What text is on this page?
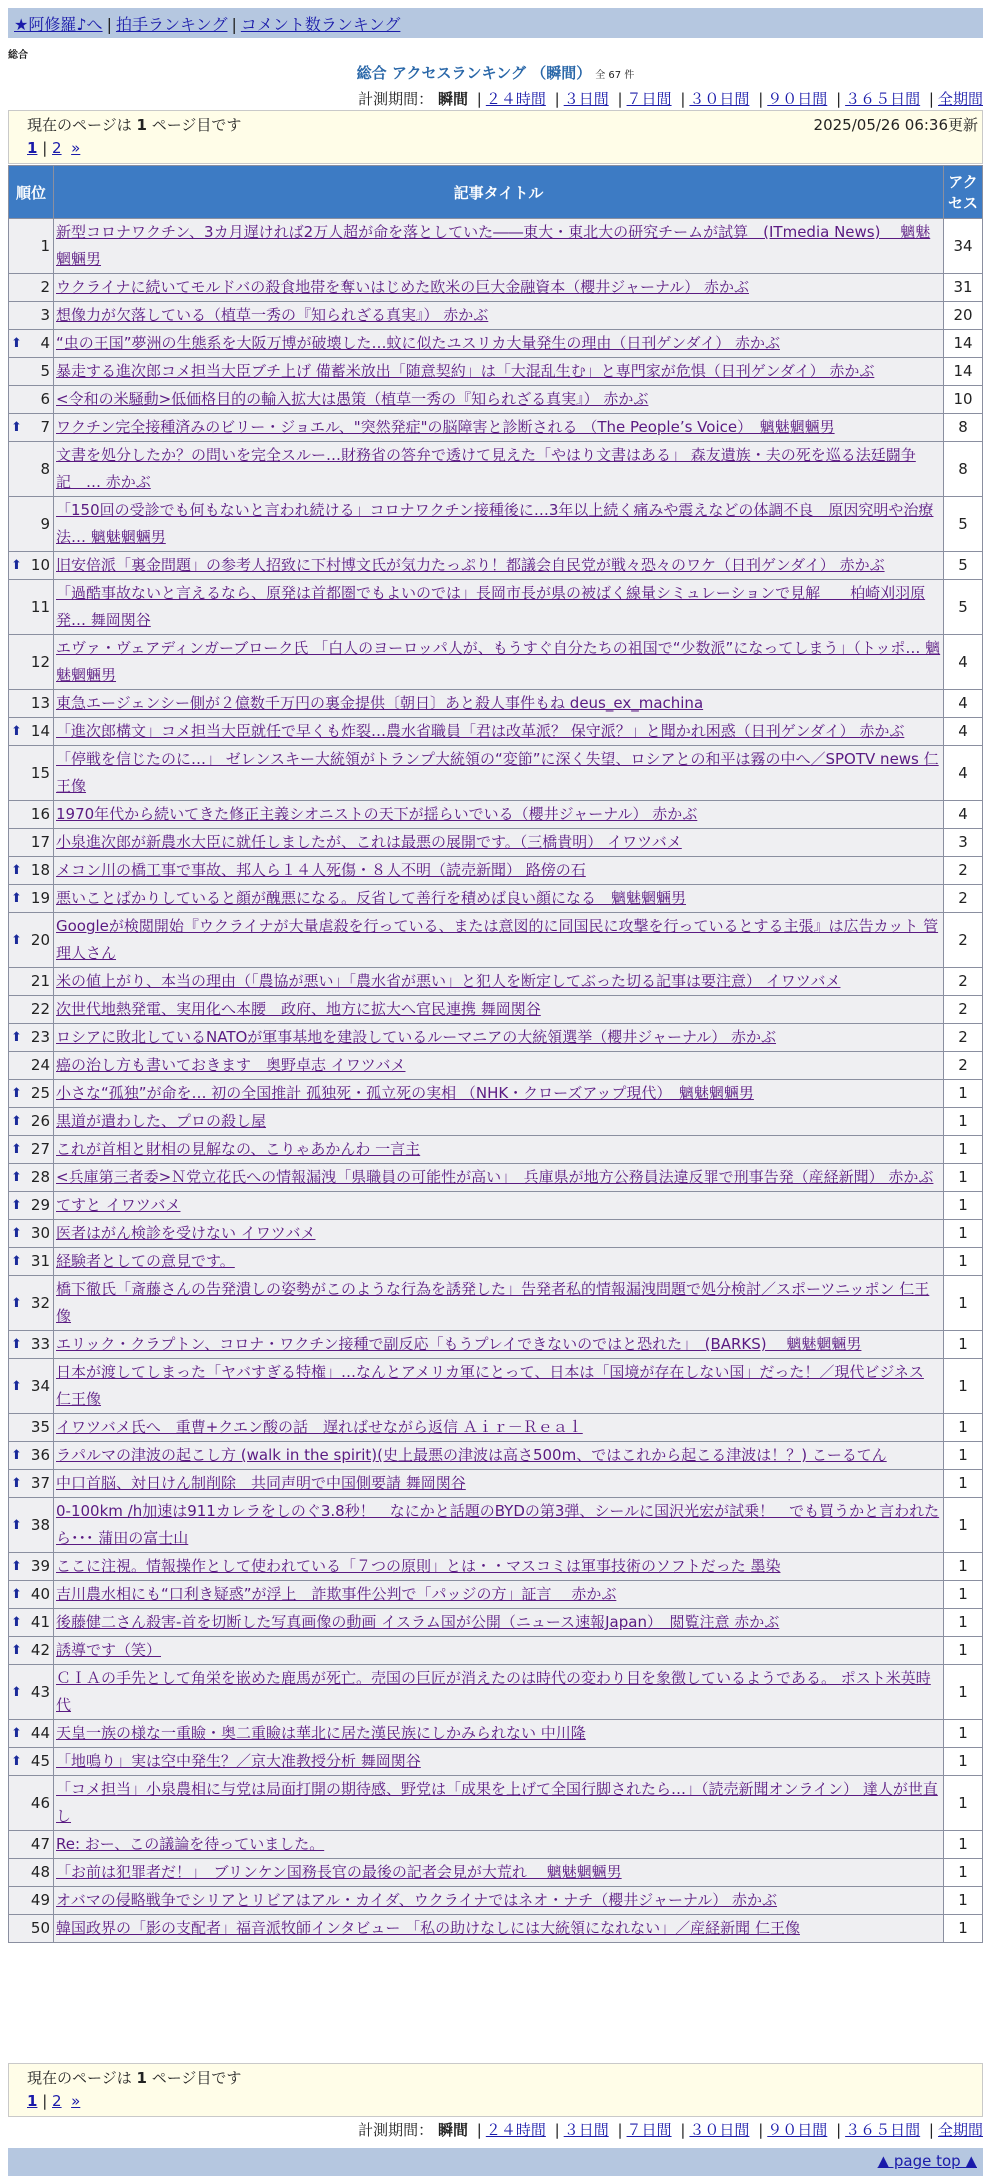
★阿修羅♪へ | 拍手ランキング | コメント数ランキング
総合
総合 アクセスランキング （瞬間） 全 67 件
計測期間： 瞬間 | ２４時間 | ３日間 | ７日間 | ３０日間 | ９０日間 | ３６５日間 | 全期間
現在のページは 1 ページ目です	2025/05/26 06:36更新
1 | 2 »
順位	記事タイトル	アクセス
1	新型コロナワクチン、3カ月遅ければ2万人超が命を落としていた――東大・東北大の研究チームが試算　(ITmedia News)　 魑魅魍魎男	34
2	ウクライナに続いてモルドバの殺食地帯を奪いはじめた欧米の巨大金融資本（櫻井ジャーナル） 赤かぶ	31
3	想像力が欠落している（植草一秀の『知られざる真実』） 赤かぶ	20

⬆ 4	“虫の王国”夢洲の生態系を大阪万博が破壊した…蚊に似たユスリカ大量発生の理由（日刊ゲンダイ） 赤かぶ	14
5	暴走する進次郎コメ担当大臣ブチ上げ 備蓄米放出「随意契約」は「大混乱生む」と専門家が危惧（日刊ゲンダイ） 赤かぶ	14
6	<令和の米騒動>低価格目的の輸入拡大は愚策（植草一秀の『知られざる真実』） 赤かぶ	10

⬆ 7	ワクチン完全接種済みのビリー・ジョエル、"突然発症"の脳障害と診断される （The People’s Voice）　魑魅魍魎男	8
8	文書を処分したか？の問いを完全スルー…財務省の答弁で透けて見えた「やはり文書はある」 森友遺族・夫の死を巡る法廷闘争記　… 赤かぶ	8
9	「150回の受診でも何もないと言われ続ける」コロナワクチン接種後に…3年以上続く痛みや震えなどの体調不良　原因究明や治療法… 魑魅魍魎男	5

⬆ 10	旧安倍派「裏金問題」の参考人招致に下村博文氏が気力たっぷり！都議会自民党が戦々恐々のワケ（日刊ゲンダイ） 赤かぶ	5
11	「過酷事故ないと言えるなら、原発は首都圏でもよいのでは」長岡市長が県の被ばく線量シミュレーションで見解　　柏崎刈羽原発… 舞岡関谷	5
12	エヴァ・ヴェアディンガーブローク氏 「白人のヨーロッパ人が、もうすぐ自分たちの祖国で“少数派”になってしまう」（トッポ… 魑魅魍魎男	4
13	東急エージェンシー側が２億数千万円の裏金提供〔朝日〕あと殺人事件もね deus_ex_machina	4

⬆ 14	「進次郎構文」コメ担当大臣就任で早くも炸裂…農水省職員「君は改革派？ 保守派？」と聞かれ困惑（日刊ゲンダイ） 赤かぶ	4
15	「停戦を信じたのに…」 ゼレンスキー大統領がトランプ大統領の“変節”に深く失望、ロシアとの和平は霧の中へ／SPOTV news 仁王像	4
16	1970年代から続いてきた修正主義シオニストの天下が揺らいでいる（櫻井ジャーナル） 赤かぶ	4
17	小泉進次郎が新農水大臣に就任しましたが、これは最悪の展開です。（三橋貴明） イワツバメ	3

⬆ 18	メコン川の橋工事で事故、邦人ら１４人死傷・８人不明（読売新聞） 路傍の石	2

⬆ 19	悪いことばかりしていると顔が醜悪になる。反省して善行を積めば良い顔になる　魑魅魍魎男	2

⬆ 20	Googleが検閲開始『ウクライナが大量虐殺を行っている、または意図的に同国民に攻撃を行っているとする主張』は広告カット 管理人さん	2
21	米の値上がり、本当の理由（「農協が悪い」「農水省が悪い」と犯人を断定してぶった切る記事は要注意） イワツバメ	2
22	次世代地熱発電、実用化へ本腰　政府、地方に拡大へ官民連携 舞岡関谷	2

⬆ 23	ロシアに敗北しているNATOが軍事基地を建設しているルーマニアの大統領選挙（櫻井ジャーナル） 赤かぶ	2
24	癌の治し方も書いておきます　奥野卓志 イワツバメ	2

⬆ 25	小さな“孤独”が命を… 初の全国推計 孤独死・孤立死の実相 （NHK・クローズアップ現代）　魑魅魍魎男	1

⬆ 26	黒道が遣わした、プロの殺し屋	1

⬆ 27	これが首相と財相の見解なの、こりゃあかんわ 一言主	1

⬆ 28	<兵庫第三者委>Ｎ党立花氏への情報漏洩「県職員の可能性が高い」　兵庫県が地方公務員法違反罪で刑事告発（産経新聞） 赤かぶ	1

⬆ 29	てすと イワツバメ	1

⬆ 30	医者はがん検診を受けない イワツバメ	1

⬆ 31	経験者としての意見です。	1

⬆ 32	橋下徹氏「斎藤さんの告発潰しの姿勢がこのような行為を誘発した」告発者私的情報漏洩問題で処分検討／スポーツニッポン 仁王像	1

⬆ 33	エリック・クラプトン、コロナ・ワクチン接種で副反応「もうプレイできないのではと恐れた」　(BARKS)　 魑魅魍魎男	1

⬆ 34	日本が渡してしまった「ヤバすぎる特権」…なんとアメリカ軍にとって、日本は「国境が存在しない国」だった！／現代ビジネス 仁王像	1
35	イワツバメ氏へ　重曹+クエン酸の話　遅ればせながら返信 Ａｉｒ－Ｒｅａｌ	1

⬆ 36	ラパルマの津波の起こし方 (walk in the spirit)(史上最悪の津波は高さ500m、ではこれから起こる津波は！？) こーるてん	1

⬆ 37	中口首脳、対日けん制削除　共同声明で中国側要請 舞岡関谷	1

⬆ 38	0-100km /h加速は911カレラをしのぐ3.8秒！　なにかと話題のBYDの第3弾、シールに国沢光宏が試乗！　でも買うかと言われたら･･･ 蒲田の富士山	1

⬆ 39	ここに注視。情報操作として使われている「７つの原則」とは・・マスコミは軍事技術のソフトだった 墨染	1

⬆ 40	吉川農水相にも“口利き疑惑”が浮上　詐欺事件公判で「パッジの方」証言　 赤かぶ	1

⬆ 41	後藤健二さん殺害-首を切断した写真画像の動画 イスラム国が公開（ニュース速報Japan）　閲覧注意 赤かぶ	1

⬆ 42	誘導です（笑）	1

⬆ 43	ＣＩＡの手先として角栄を嵌めた鹿馬が死亡。売国の巨匠が消えたのは時代の変わり目を象徴しているようである。 ポスト米英時代	1

⬆ 44	天皇一族の様な一重瞼・奥二重瞼は華北に居た漢民族にしかみられない 中川隆	1

⬆ 45	「地鳴り」実は空中発生？／京大准教授分析 舞岡関谷	1
46	「コメ担当」小泉農相に与党は局面打開の期待感、野党は「成果を上げて全国行脚されたら…」（読売新聞オンライン） 達人が世直し	1
47	Re: おー、この議論を待っていました。	1
48	「お前は犯罪者だ！」　ブリンケン国務長官の最後の記者会見が大荒れ　 魑魅魍魎男	1
49	オバマの侵略戦争でシリアとリビアはアル・カイダ、ウクライナではネオ・ナチ（櫻井ジャーナル） 赤かぶ	1
50	韓国政界の「影の支配者」福音派牧師インタビュー 「私の助けなしには大統領になれない」／産経新聞 仁王像	1
現在のページは 1 ページ目です
1 | 2 »
計測期間： 瞬間 | ２４時間 | ３日間 | ７日間 | ３０日間 | ９０日間 | ３６５日間 | 全期間
▲ page top ▲
